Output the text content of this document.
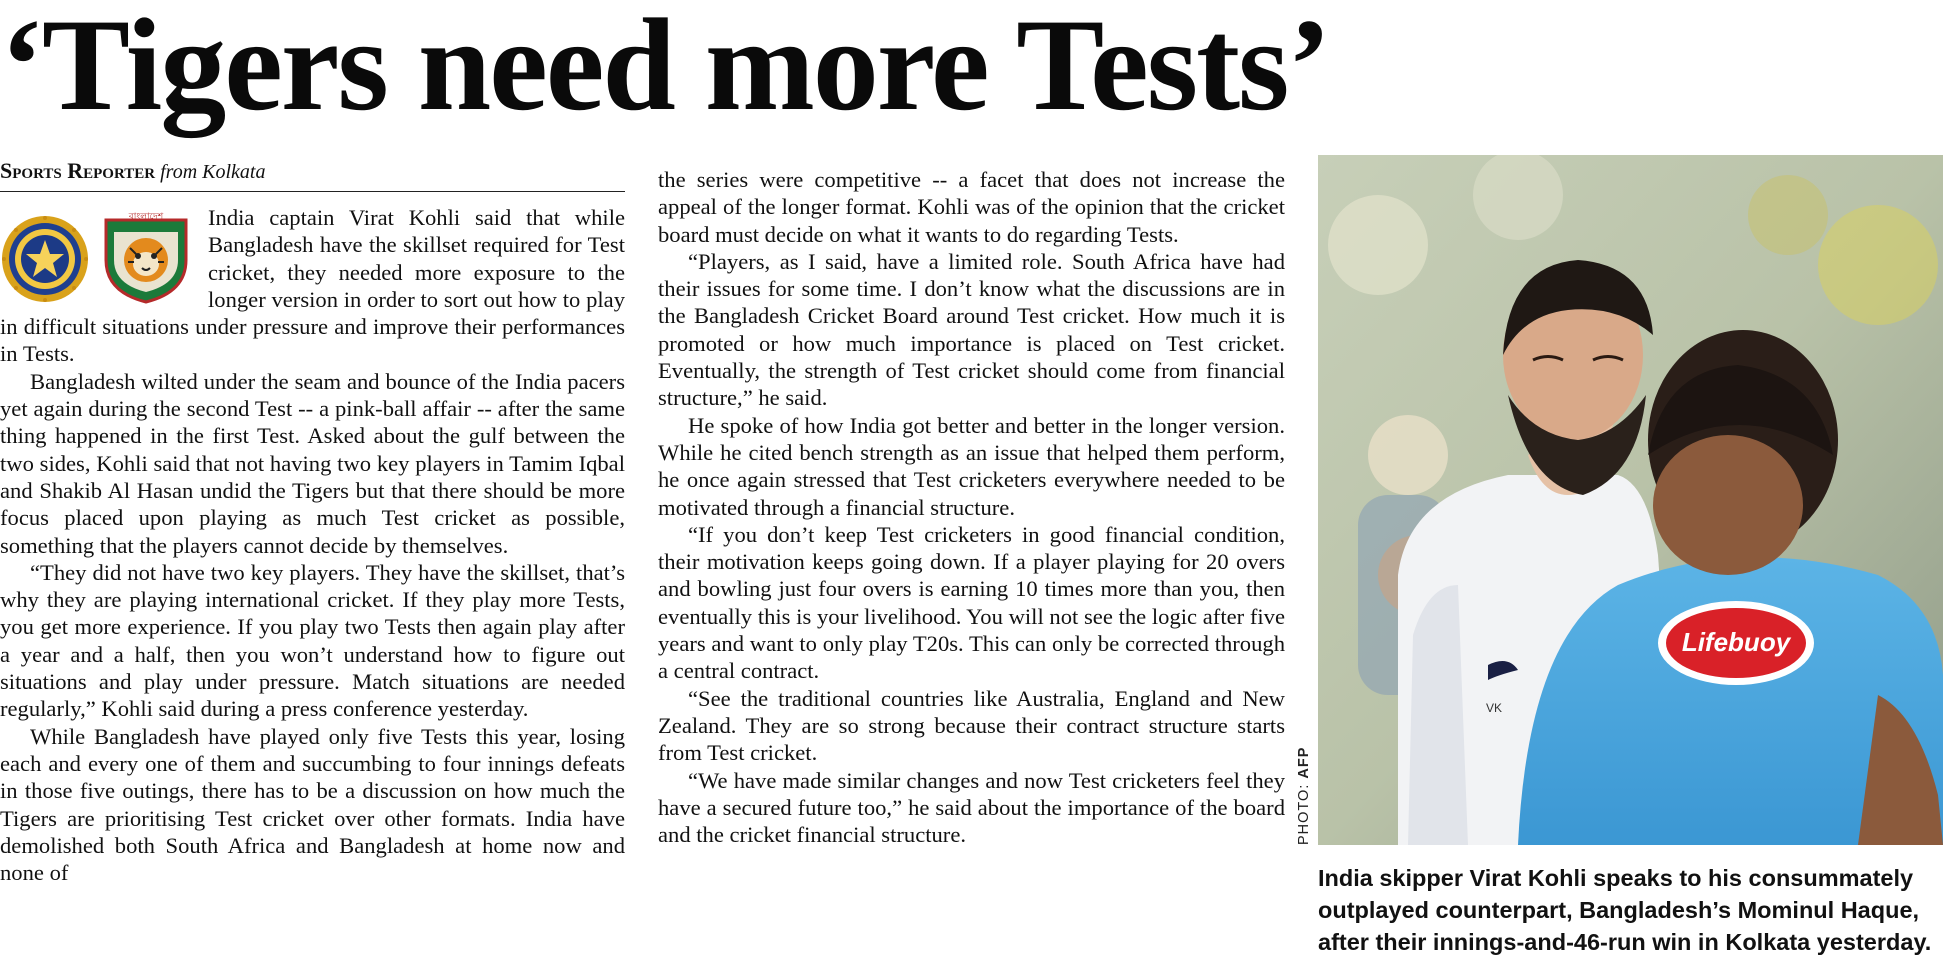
‘Tigers need more Tests’
Sports Reporter from Kolkata
বাংলাদেশ	India captain Virat Kohli said that while Bangladesh have the skillset required for Test cricket, they needed more exposure to the longer version in order to sort out how to play in difficult situations under pressure and improve their performances in Tests.

Bangladesh wilted under the seam and bounce of the India pacers yet again during the second Test -- a pink-ball affair -- after the same thing happened in the first Test. Asked about the gulf between the two sides, Kohli said that not having two key players in Tamim Iqbal and Shakib Al Hasan undid the Tigers but that there should be more focus placed upon playing as much Test cricket as possible, something that the players cannot decide by themselves.

“They did not have two key players. They have the skillset, that’s why they are playing international cricket. If they play more Tests, you get more experience. If you play two Tests then again play after a year and a half, then you won’t understand how to figure out situations and play under pressure. Match situations are needed regularly,” Kohli said during a press conference yesterday.

While Bangladesh have played only five Tests this year, losing each and every one of them and succumbing to four innings defeats in those five outings, there has to be a discussion on how much the Tigers are prioritising Test cricket over other formats. India have demolished both South Africa and Bangladesh at home now and none of

the series were competitive -- a facet that does not increase the appeal of the longer format. Kohli was of the opinion that the cricket board must decide on what it wants to do regarding Tests.

“Players, as I said, have a limited role. South Africa have had their issues for some time. I don’t know what the discussions are in the Bangladesh Cricket Board around Test cricket. How much it is promoted or how much importance is placed on Test cricket. Eventually, the strength of Test cricket should come from financial structure,” he said.

He spoke of how India got better and better in the longer version. While he cited bench strength as an issue that helped them perform, he once again stressed that Test cricketers everywhere needed to be motivated through a financial structure.

“If you don’t keep Test cricketers in good financial condition, their motivation keeps going down. If a player playing for 20 overs and bowling just four overs is earning 10 times more than you, then eventually this is your livelihood. You will not see the logic after five years and want to only play T20s. This can only be corrected through a central contract.

“See the traditional countries like Australia, England and New Zealand. They are so strong because their contract structure starts from Test cricket.

“We have made similar changes and now Test cricketers feel they have a secured future too,” he said about the importance of the board and the cricket financial structure.

VK
Lifebuoy
PHOTO: AFP
India skipper Virat Kohli speaks to his consummately outplayed counterpart, Bangladesh’s Mominul Haque, after their innings-and-46-run win in Kolkata yesterday.
